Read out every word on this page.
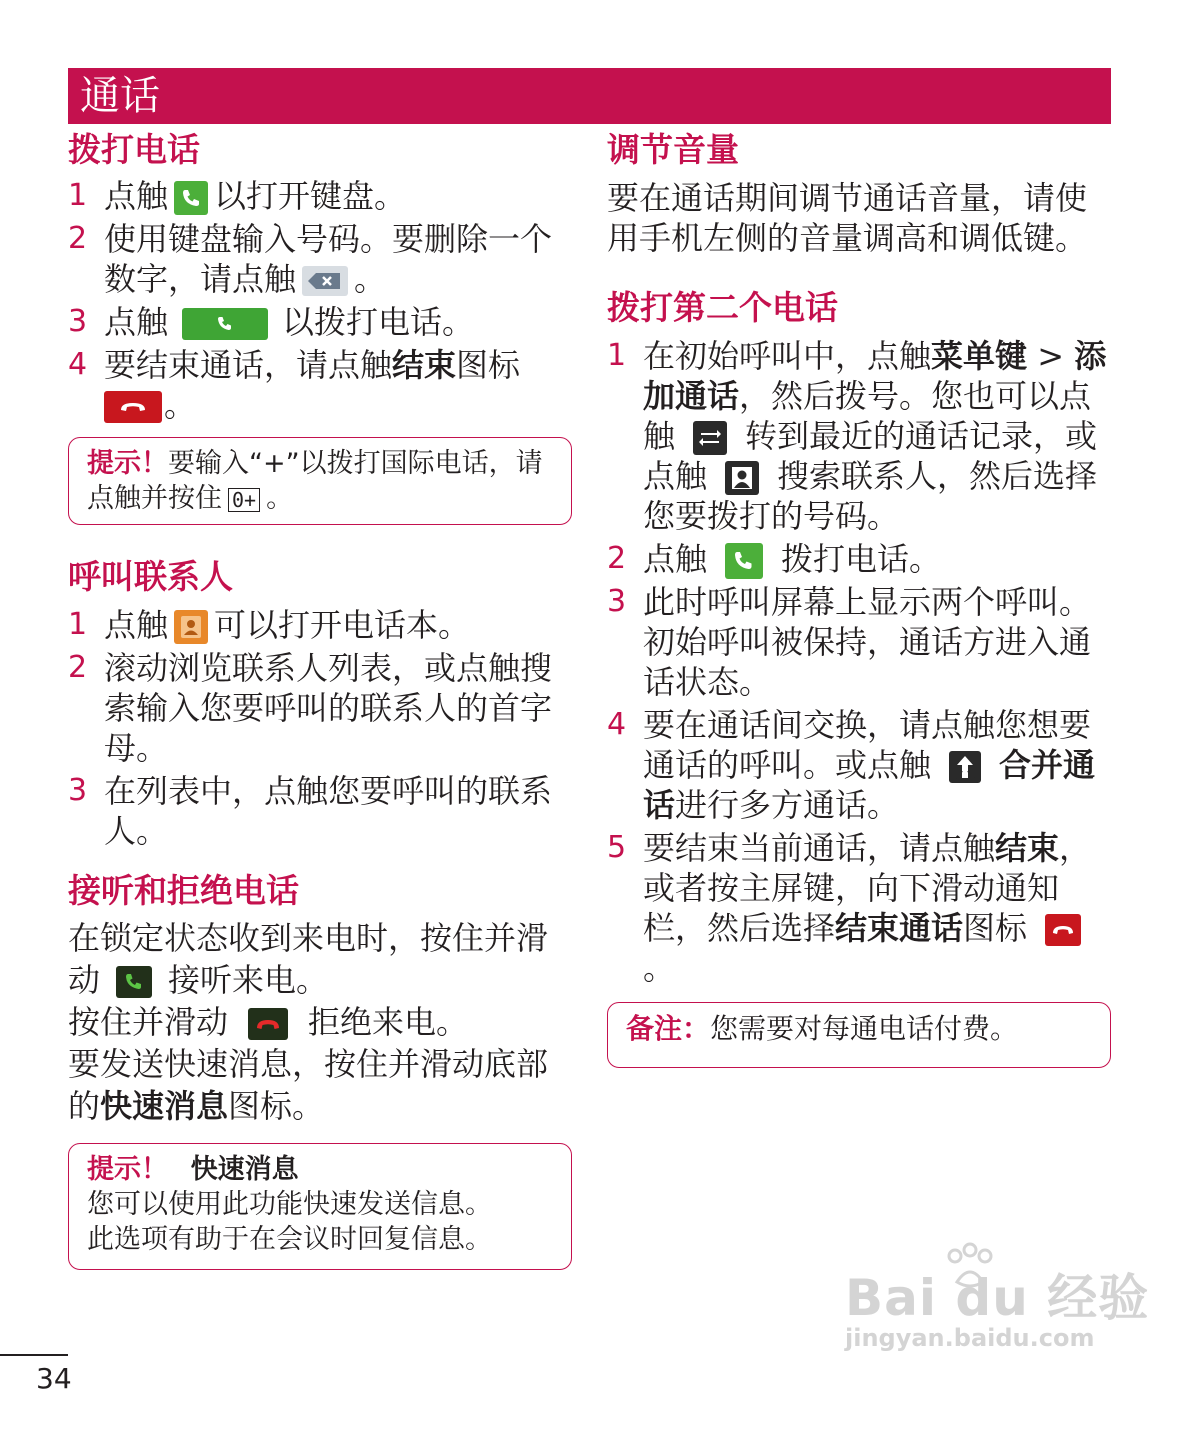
通话
拨打电话
1 点触 以打开键盘。
2 使用键盘输入号码。要删除一个数字，请点触 。
3 点触	以拨打电话。
4 要结束通话，请点触结束图标

。
提示！要输入“+”以拨打国际电话，请点触并按住 0+ 。
呼叫联系人
1 点触 可以打开电话本。
2 滚动浏览联系人列表，或点触搜索输入您要呼叫的联系人的首字母。
3 在列表中，点触您要呼叫的联系人。
接听和拒绝电话

在锁定状态收到来电时，按住并滑动 接听来电。

按住并滑动	拒绝来电。

要发送快速消息，按住并滑动底部的快速消息图标。

提示！ 快速消息
您可以使用此功能快速发送信息。
此选项有助于在会议时回复信息。
调节音量

要在通话期间调节通话音量，请使用手机左侧的音量调高和调低键。

拨打第二个电话
1 在初始呼叫中，点触菜单键 > 添加通话，然后拨号。您也可以点触 转到最近的通话记录，或点触 搜索联系人，然后选择您要拨打的号码。
2 点触 拨打电话。
3 此时呼叫屏幕上显示两个呼叫。初始呼叫被保持，通话方进入通话状态。
4 要在通话间交换，请点触您想要通话的呼叫。或点触 合并通话进行多方通话。
5 要结束当前通话，请点触结束，或者按主屏键，向下滑动通知栏，然后选择结束通话图标
。
备注：您需要对每通电话付费。
34
Bai du 经验
jingyan.baidu.com
